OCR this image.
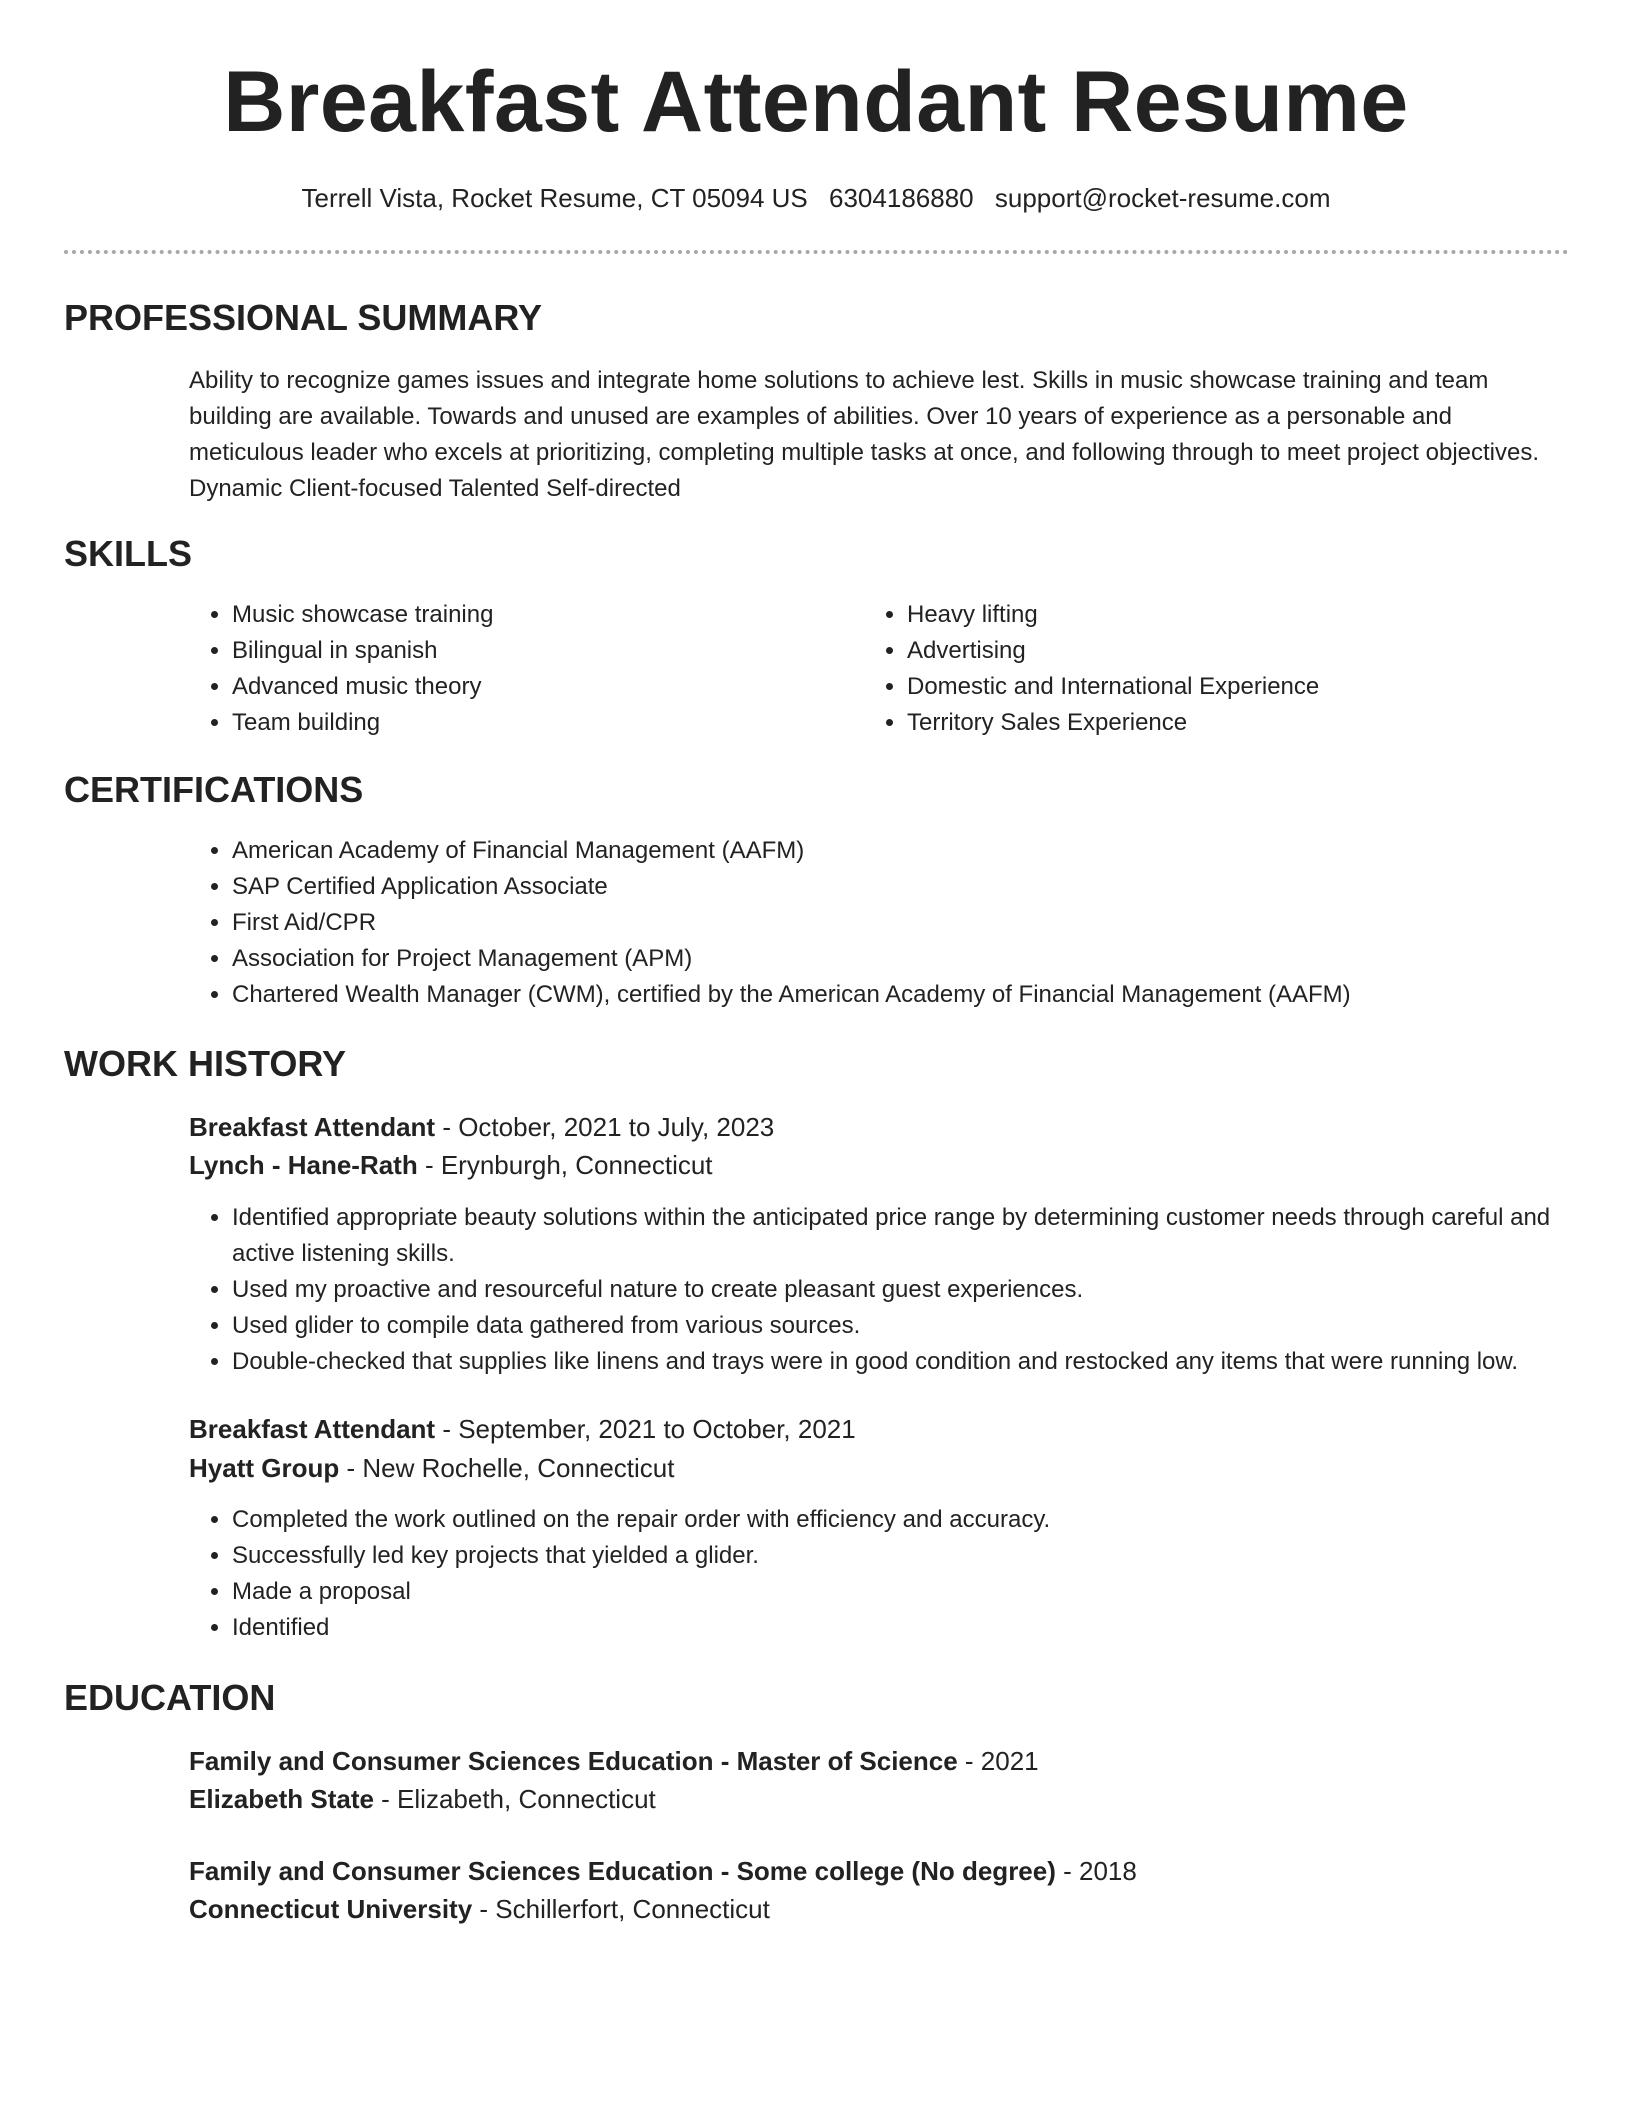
Breakfast Attendant Resume
Terrell Vista, Rocket Resume, CT 05094 US 6304186880 support@rocket-resume.com
PROFESSIONAL SUMMARY

Ability to recognize games issues and integrate home solutions to achieve lest. Skills in music showcase training and team building are available. Towards and unused are examples of abilities. Over 10 years of experience as a personable and meticulous leader who excels at prioritizing, completing multiple tasks at once, and following through to meet project objectives. Dynamic Client-focused Talented Self-directed

SKILLS
• Music showcase training
• Bilingual in spanish
• Advanced music theory
• Team building
• Heavy lifting
• Advertising
• Domestic and International Experience
• Territory Sales Experience
CERTIFICATIONS
• American Academy of Financial Management (AAFM)
• SAP Certified Application Associate
• First Aid/CPR
• Association for Project Management (APM)
• Chartered Wealth Manager (CWM), certified by the American Academy of Financial Management (AAFM)
WORK HISTORY
Breakfast Attendant - October, 2021 to July, 2023
Lynch - Hane-Rath - Erynburgh, Connecticut
• Identified appropriate beauty solutions within the anticipated price range by determining customer needs through careful and active listening skills.
• Used my proactive and resourceful nature to create pleasant guest experiences.
• Used glider to compile data gathered from various sources.
• Double-checked that supplies like linens and trays were in good condition and restocked any items that were running low.
Breakfast Attendant - September, 2021 to October, 2021
Hyatt Group - New Rochelle, Connecticut
• Completed the work outlined on the repair order with efficiency and accuracy.
• Successfully led key projects that yielded a glider.
• Made a proposal
• Identified
EDUCATION
Family and Consumer Sciences Education - Master of Science - 2021
Elizabeth State - Elizabeth, Connecticut
Family and Consumer Sciences Education - Some college (No degree) - 2018
Connecticut University - Schillerfort, Connecticut
